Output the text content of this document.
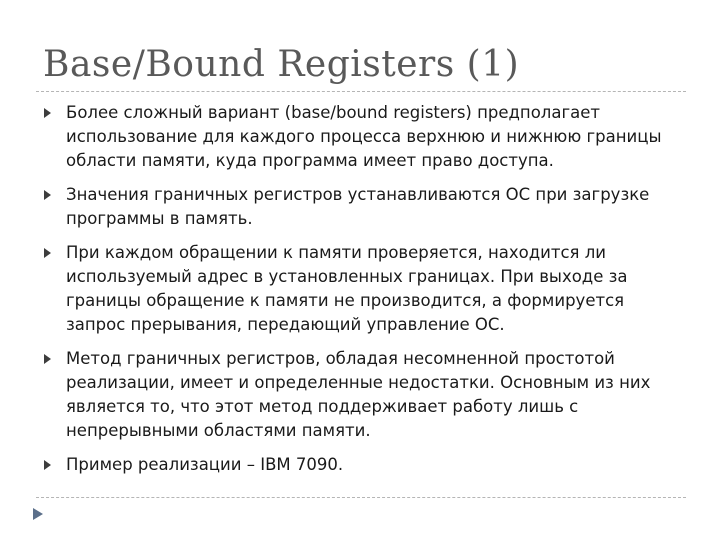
Base/Bound Registers (1)
Более сложный вариант (base/bound registers) предполагает использование для каждого процесса верхнюю и нижнюю границы области памяти, куда программа имеет право доступа.
Значения граничных регистров устанавливаются ОС при загрузке программы в память.
При каждом обращении к памяти проверяется, находится ли используемый адрес в установленных границах. При выходе за границы обращение к памяти не производится, а формируется запрос прерывания, передающий управление ОС.
Метод граничных регистров, обладая несомненной простотой реализации, имеет и определенные недостатки. Основным из них является то, что этот метод поддерживает работу лишь с непрерывными областями памяти.
Пример реализации – IBM 7090.
